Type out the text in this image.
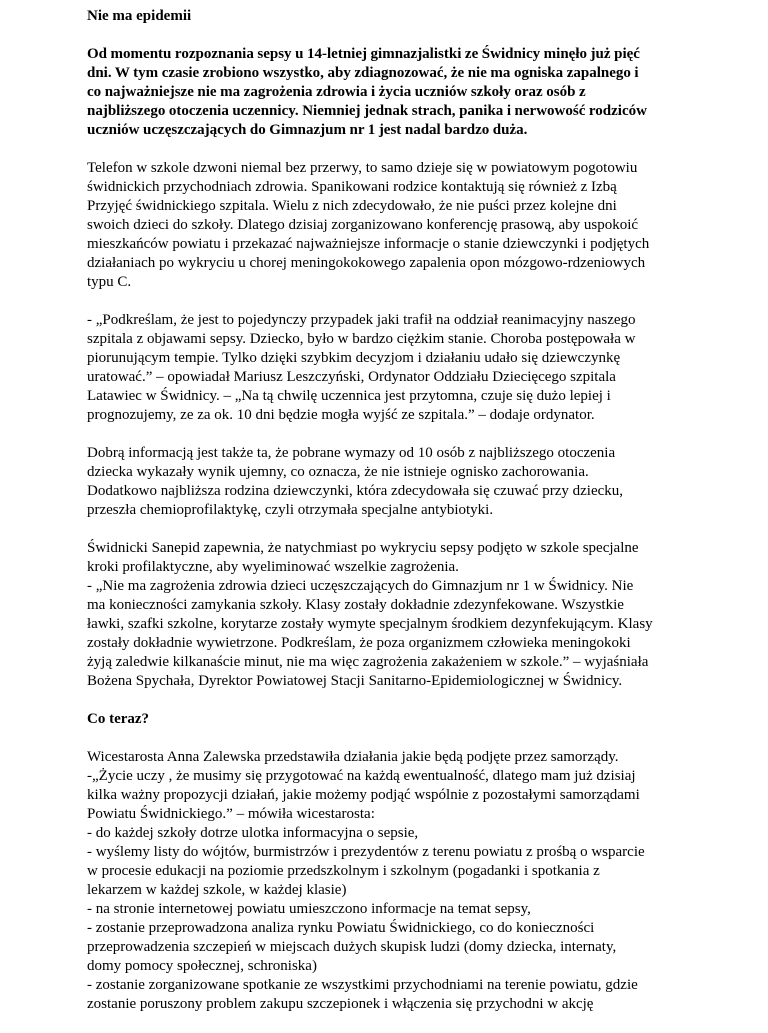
Nie ma epidemii

Od momentu rozpoznania sepsy u 14-letniej gimnazjalistki ze Świdnicy minęło już pięć
dni. W tym czasie zrobiono wszystko, aby zdiagnozować, że nie ma ogniska zapalnego i
co najważniejsze nie ma zagrożenia zdrowia i życia uczniów szkoły oraz osób z
najbliższego otoczenia uczennicy. Niemniej jednak strach, panika i nerwowość rodziców
uczniów uczęszczających do Gimnazjum nr 1 jest nadal bardzo duża.

Telefon w szkole dzwoni niemal bez przerwy, to samo dzieje się w powiatowym pogotowiu
świdnickich przychodniach zdrowia. Spanikowani rodzice kontaktują się również z Izbą
Przyjęć świdnickiego szpitala. Wielu z nich zdecydowało, że nie puści przez kolejne dni
swoich dzieci do szkoły. Dlatego dzisiaj zorganizowano konferencję prasową, aby uspokoić
mieszkańców powiatu i przekazać najważniejsze informacje o stanie dziewczynki i podjętych
działaniach po wykryciu u chorej meningokokowego zapalenia opon mózgowo-rdzeniowych
typu C.

- „Podkreślam, że jest to pojedynczy przypadek jaki trafił na oddział reanimacyjny naszego
szpitala z objawami sepsy. Dziecko, było w bardzo ciężkim stanie. Choroba postępowała w
piorunującym tempie. Tylko dzięki szybkim decyzjom i działaniu udało się dziewczynkę
uratować.” – opowiadał Mariusz Leszczyński, Ordynator Oddziału Dziecięcego szpitala
Latawiec w Świdnicy. – „Na tą chwilę uczennica jest przytomna, czuje się dużo lepiej i
prognozujemy, ze za ok. 10 dni będzie mogła wyjść ze szpitala.” – dodaje ordynator.

Dobrą informacją jest także ta, że pobrane wymazy od 10 osób z najbliższego otoczenia
dziecka wykazały wynik ujemny, co oznacza, że nie istnieje ognisko zachorowania.
Dodatkowo najbliższa rodzina dziewczynki, która zdecydowała się czuwać przy dziecku,
przeszła chemioprofilaktykę, czyli otrzymała specjalne antybiotyki.

Świdnicki Sanepid zapewnia, że natychmiast po wykryciu sepsy podjęto w szkole specjalne
kroki profilaktyczne, aby wyeliminować wszelkie zagrożenia.
- „Nie ma zagrożenia zdrowia dzieci uczęszczających do Gimnazjum nr 1 w Świdnicy. Nie
ma konieczności zamykania szkoły. Klasy zostały dokładnie zdezynfekowane. Wszystkie
ławki, szafki szkolne, korytarze zostały wymyte specjalnym środkiem dezynfekującym. Klasy
zostały dokładnie wywietrzone. Podkreślam, że poza organizmem człowieka meningokoki
żyją zaledwie kilkanaście minut, nie ma więc zagrożenia zakażeniem w szkole.” – wyjaśniała
Bożena Spychała, Dyrektor Powiatowej Stacji Sanitarno-Epidemiologicznej w Świdnicy.

Co teraz?

Wicestarosta Anna Zalewska przedstawiła działania jakie będą podjęte przez samorządy.
-„Życie uczy , że musimy się przygotować na każdą ewentualność, dlatego mam już dzisiaj
kilka ważny propozycji działań, jakie możemy podjąć wspólnie z pozostałymi samorządami
Powiatu Świdnickiego.” – mówiła wicestarosta:
- do każdej szkoły dotrze ulotka informacyjna o sepsie,
- wyślemy listy do wójtów, burmistrzów i prezydentów z terenu powiatu z prośbą o wsparcie
w procesie edukacji na poziomie przedszkolnym i szkolnym (pogadanki i spotkania z
lekarzem w każdej szkole, w każdej klasie)
- na stronie internetowej powiatu umieszczono informacje na temat sepsy,
- zostanie przeprowadzona analiza rynku Powiatu Świdnickiego, co do konieczności
przeprowadzenia szczepień w miejscach dużych skupisk ludzi (domy dziecka, internaty,
domy pomocy społecznej, schroniska)
- zostanie zorganizowane spotkanie ze wszystkimi przychodniami na terenie powiatu, gdzie
zostanie poruszony problem zakupu szczepionek i włączenia się przychodni w akcję
